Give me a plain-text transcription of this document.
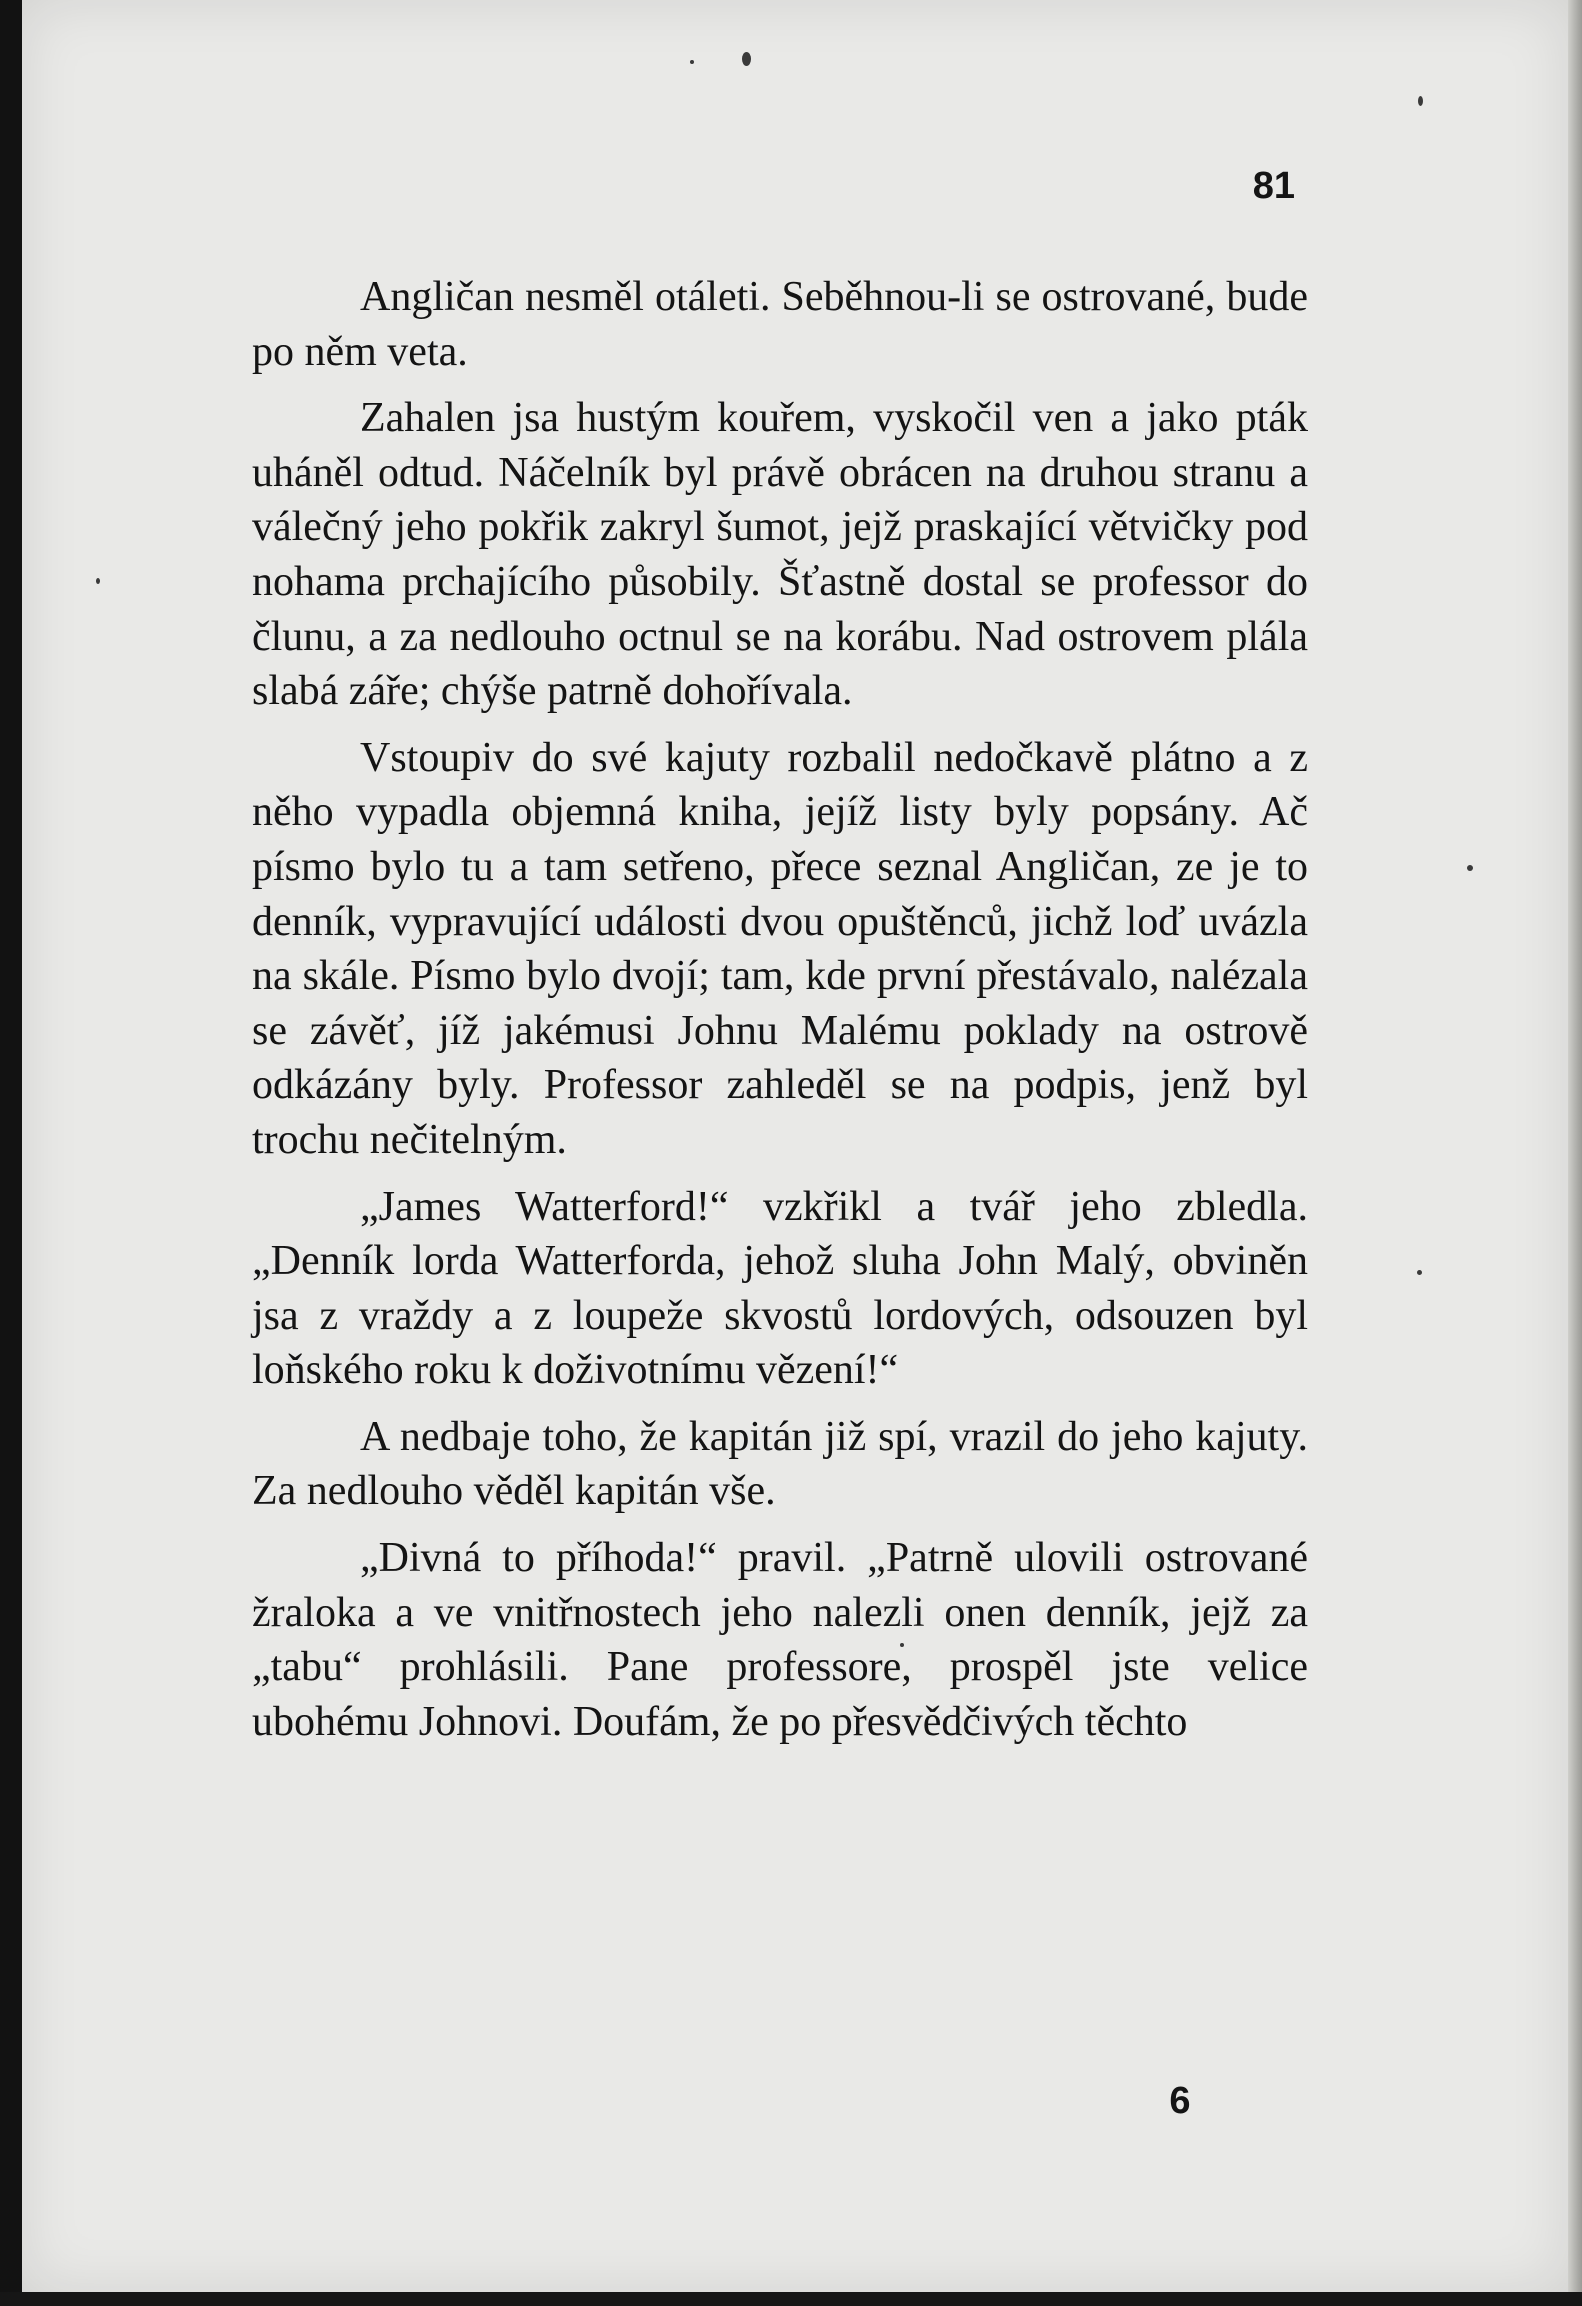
81

Angličan nesměl otáleti. Seběhnou-li se ostrované, bude po něm veta.

Zahalen jsa hustým kouřem, vyskočil ven a jako pták uháněl odtud. Náčelník byl právě obrácen na druhou stranu a válečný jeho pokřik zakryl šumot, jejž praskající větvičky pod nohama prchajícího působily. Šťastně dostal se professor do člunu, a za nedlouho octnul se na korábu. Nad ostrovem plála slabá záře; chýše patrně dohořívala.

Vstoupiv do své kajuty rozbalil nedočkavě plátno a z něho vypadla objemná kniha, jejíž listy byly popsány. Ač písmo bylo tu a tam setřeno, přece seznal Angličan, ze je to denník, vypravující události dvou opuštěnců, jichž loď uvázla na skále. Písmo bylo dvojí; tam, kde první přestávalo, nalézala se závěť, jíž jakémusi Johnu Malému poklady na ostrově odkázány byly. Professor zahleděl se na podpis, jenž byl trochu nečitelným.

„James Watterford!“ vzkřikl a tvář jeho zbledla. „Denník lorda Watterforda, jehož sluha John Malý, obviněn jsa z vraždy a z loupeže skvostů lordových, odsouzen byl loňského roku k doživotnímu vězení!“

A nedbaje toho, že kapitán již spí, vrazil do jeho kajuty. Za nedlouho věděl kapitán vše.

„Divná to příhoda!“ pravil. „Patrně ulovili ostrované žraloka a ve vnitřnostech jeho nalezli onen denník, jejž za „tabu“ prohlásili. Pane professore, prospěl jste velice ubohému Johnovi. Doufám, že po přesvědčivých těchto

6
